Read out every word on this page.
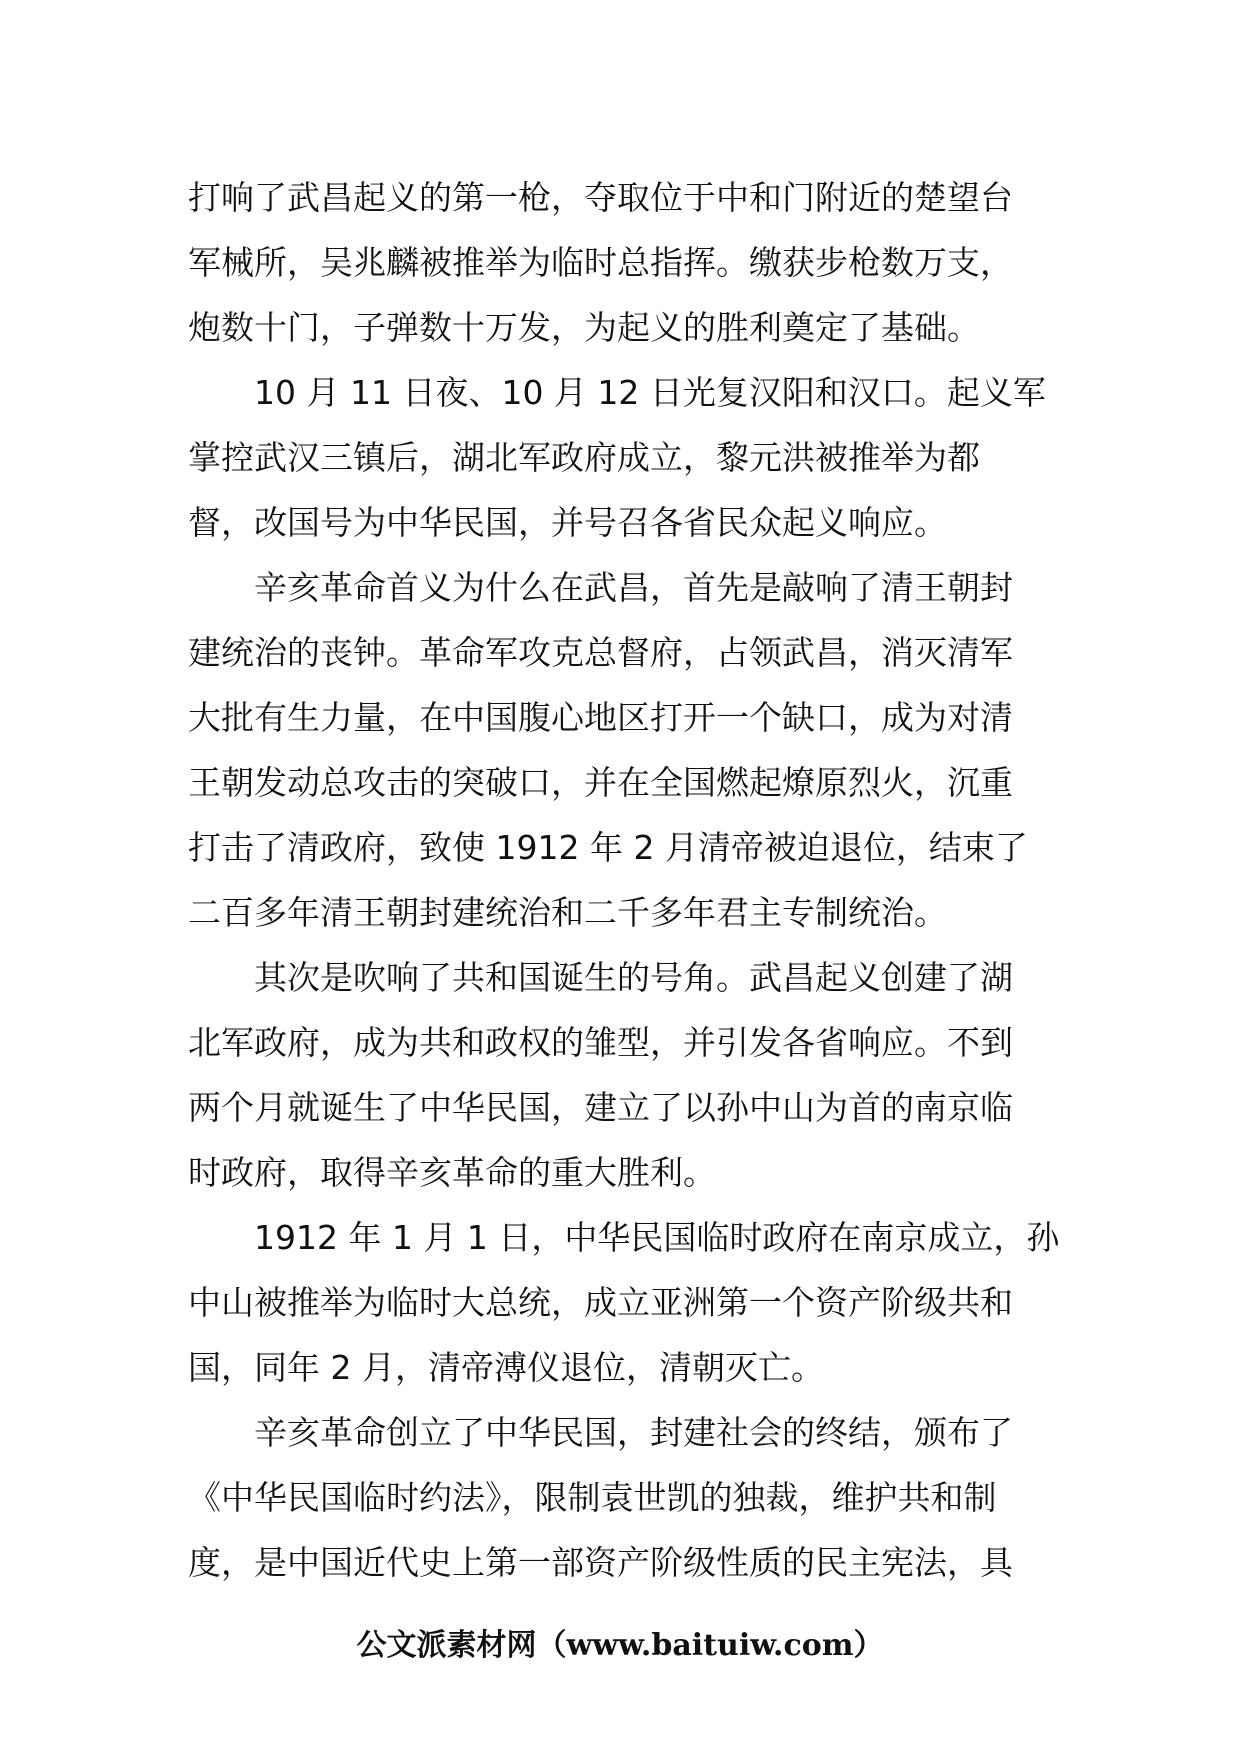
打响了武昌起义的第一枪，夺取位于中和门附近的楚望台
军械所，吴兆麟被推举为临时总指挥。缴获步枪数万支，
炮数十门，子弹数十万发，为起义的胜利奠定了基础。
10 月 11 日夜、10 月 12 日光复汉阳和汉口。起义军
掌控武汉三镇后，湖北军政府成立，黎元洪被推举为都
督，改国号为中华民国，并号召各省民众起义响应。
辛亥革命首义为什么在武昌，首先是敲响了清王朝封
建统治的丧钟。革命军攻克总督府，占领武昌，消灭清军
大批有生力量，在中国腹心地区打开一个缺口，成为对清
王朝发动总攻击的突破口，并在全国燃起燎原烈火，沉重
打击了清政府，致使 1912 年 2 月清帝被迫退位，结束了
二百多年清王朝封建统治和二千多年君主专制统治。
其次是吹响了共和国诞生的号角。武昌起义创建了湖
北军政府，成为共和政权的雏型，并引发各省响应。不到
两个月就诞生了中华民国，建立了以孙中山为首的南京临
时政府，取得辛亥革命的重大胜利。
1912 年 1 月 1 日，中华民国临时政府在南京成立，孙
中山被推举为临时大总统，成立亚洲第一个资产阶级共和
国，同年 2 月，清帝溥仪退位，清朝灭亡。
辛亥革命创立了中华民国，封建社会的终结，颁布了
《中华民国临时约法》，限制袁世凯的独裁，维护共和制
度，是中国近代史上第一部资产阶级性质的民主宪法，具
公文派素材网（www.baituiw.com）
